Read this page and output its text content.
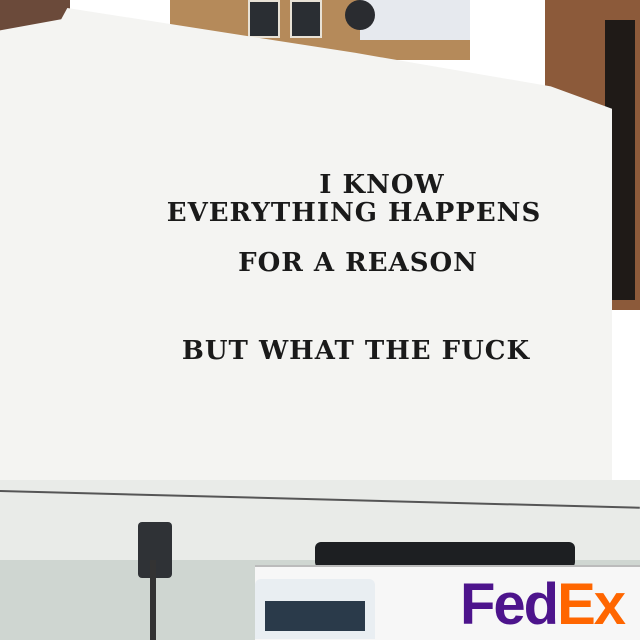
I KNOW
EVERYTHING HAPPENS
FOR A REASON
BUT WHAT THE FUCK
FedEx
